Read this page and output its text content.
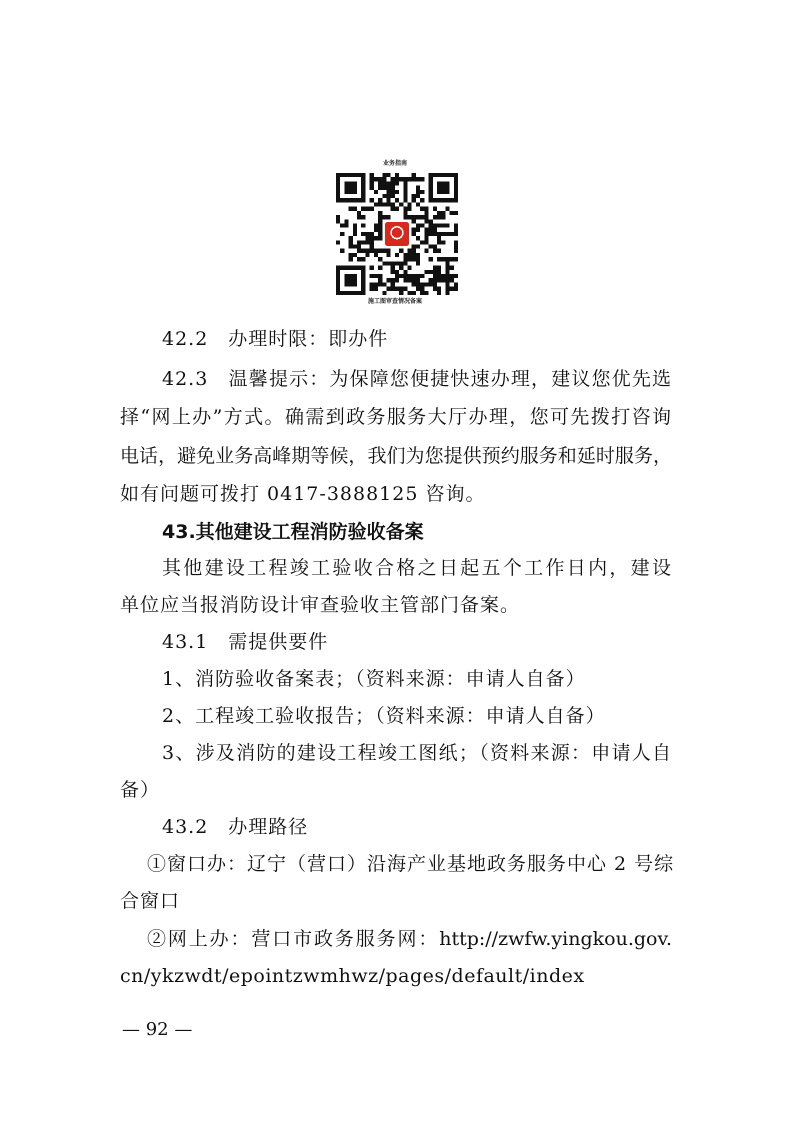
业务指南
施工图审查情况备案
42.2　办理时限：即办件
42.3　温馨提示：为保障您便捷快速办理，建议您优先选
择“网上办”方式。确需到政务服务大厅办理，您可先拨打咨询
电话，避免业务高峰期等候，我们为您提供预约服务和延时服务，
如有问题可拨打 0417-3888125 咨询。
43.其他建设工程消防验收备案
其他建设工程竣工验收合格之日起五个工作日内，建设
单位应当报消防设计审查验收主管部门备案。
43.1　需提供要件
1、消防验收备案表；（资料来源：申请人自备）
2、工程竣工验收报告；（资料来源：申请人自备）
3、涉及消防的建设工程竣工图纸；（资料来源：申请人自
备）
43.2　办理路径
①窗口办：辽宁（营口）沿海产业基地政务服务中心 2 号综
合窗口
②网上办：营口市政务服务网：http://zwfw.yingkou.gov.
cn/ykzwdt/epointzwmhwz/pages/default/index
— 92 —
